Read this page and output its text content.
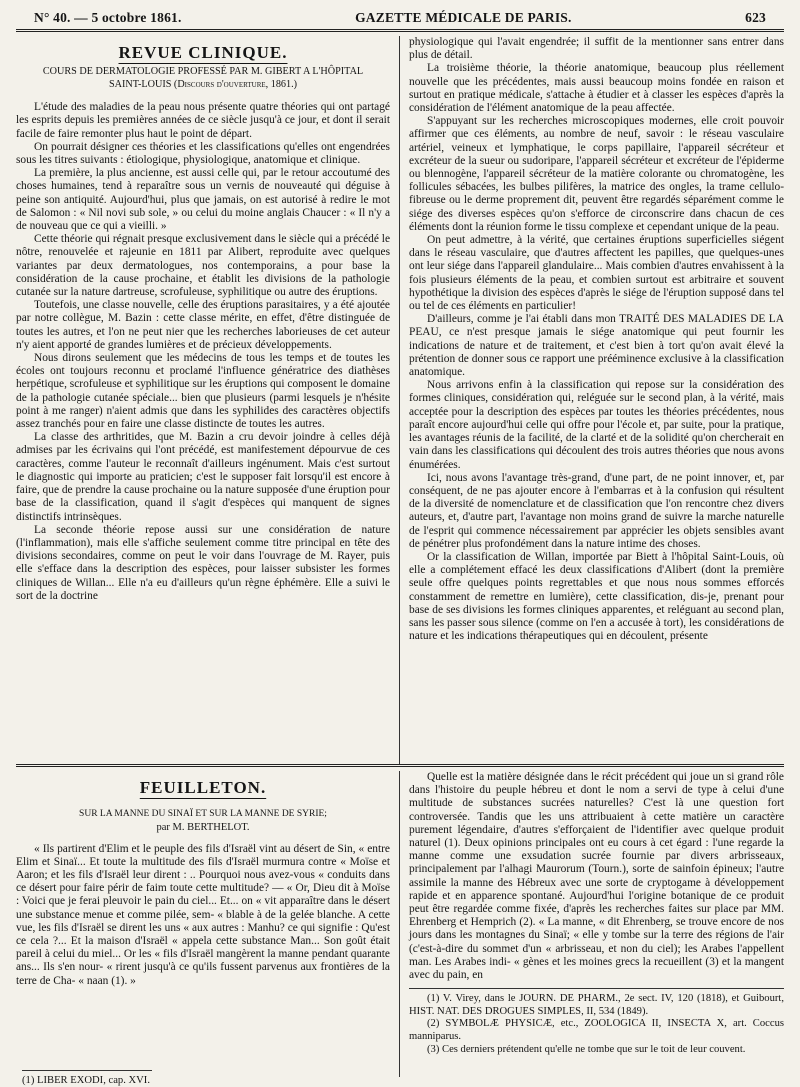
N° 40. — 5 octobre 1861.	GAZETTE MÉDICALE DE PARIS.	623
REVUE CLINIQUE.
COURS DE DERMATOLOGIE PROFESSÉ PAR M. GIBERT A L'HÔPITAL
SAINT-LOUIS (Discours d'ouverture, 1861.)

L'étude des maladies de la peau nous présente quatre théories qui ont partagé les esprits depuis les premières années de ce siècle jusqu'à ce jour, et dont il serait facile de faire remonter plus haut le point de départ.

On pourrait désigner ces théories et les classifications qu'elles ont engendrées sous les titres suivants : étiologique, physiologique, anatomique et clinique.

La première, la plus ancienne, est aussi celle qui, par le retour accoutumé des choses humaines, tend à reparaître sous un vernis de nouveauté qui déguise à peine son antiquité. Aujourd'hui, plus que jamais, on est autorisé à redire le mot de Salomon : « Nil novi sub sole, » ou celui du moine anglais Chaucer : « Il n'y a de nouveau que ce qui a vieilli. »

Cette théorie qui régnait presque exclusivement dans le siècle qui a précédé le nôtre, renouvelée et rajeunie en 1811 par Alibert, reproduite avec quelques variantes par deux dermatologues, nos contemporains, a pour base la considération de la cause prochaine, et établit les divisions de la pathologie cutanée sur la nature dartreuse, scrofuleuse, syphilitique ou autre des éruptions.

Toutefois, une classe nouvelle, celle des éruptions parasitaires, y a été ajoutée par notre collègue, M. Bazin : cette classe mérite, en effet, d'être distinguée de toutes les autres, et l'on ne peut nier que les recherches laborieuses de cet auteur n'y aient apporté de grandes lumières et de précieux développements.

Nous dirons seulement que les médecins de tous les temps et de toutes les écoles ont toujours reconnu et proclamé l'influence génératrice des diathèses herpétique, scrofuleuse et syphilitique sur les éruptions qui composent le domaine de la pathologie cutanée spéciale... bien que plusieurs (parmi lesquels je n'hésite point à me ranger) n'aient admis que dans les syphilides des caractères objectifs assez tranchés pour en faire une classe distincte de toutes les autres.

La classe des arthritides, que M. Bazin a cru devoir joindre à celles déjà admises par les écrivains qui l'ont précédé, est manifestement dépourvue de ces caractères, comme l'auteur le reconnaît d'ailleurs ingénument. Mais c'est surtout le diagnostic qui importe au praticien; c'est le supposer fait lorsqu'il est encore à faire, que de prendre la cause prochaine ou la nature supposée d'une éruption pour base de la classification, quand il s'agit d'espèces qui manquent de signes distinctifs intrinsèques.

La seconde théorie repose aussi sur une considération de nature (l'inflammation), mais elle s'affiche seulement comme titre principal en tête des divisions secondaires, comme on peut le voir dans l'ouvrage de M. Rayer, puis elle s'efface dans la description des espèces, pour laisser subsister les formes cliniques de Willan... Elle n'a eu d'ailleurs qu'un règne éphémère. Elle a suivi le sort de la doctrine

physiologique qui l'avait engendrée; il suffit de la mentionner sans entrer dans plus de détail.

La troisième théorie, la théorie anatomique, beaucoup plus réellement nouvelle que les précédentes, mais aussi beaucoup moins fondée en raison et surtout en pratique médicale, s'attache à étudier et à classer les espèces d'après la considération de l'élément anatomique de la peau affectée.

S'appuyant sur les recherches microscopiques modernes, elle croit pouvoir affirmer que ces éléments, au nombre de neuf, savoir : le réseau vasculaire artériel, veineux et lymphatique, le corps papillaire, l'appareil sécréteur et excréteur de la sueur ou sudoripare, l'appareil sécréteur et excréteur de l'épiderme ou blennogène, l'appareil sécréteur de la matière colorante ou chromatogène, les follicules sébacées, les bulbes pilifères, la matrice des ongles, la trame cellulo-fibreuse ou le derme proprement dit, peuvent être regardés séparément comme le siége des diverses espèces qu'on s'efforce de circonscrire dans chacun de ces éléments dont la réunion forme le tissu complexe et cependant unique de la peau.

On peut admettre, à la vérité, que certaines éruptions superficielles siégent dans le réseau vasculaire, que d'autres affectent les papilles, que quelques-unes ont leur siége dans l'appareil glandulaire... Mais combien d'autres envahissent à la fois plusieurs éléments de la peau, et combien surtout est arbitraire et souvent hypothétique la division des espèces d'après le siége de l'éruption supposé dans tel ou tel de ces éléments en particulier!

D'ailleurs, comme je l'ai établi dans mon TRAITÉ DES MALADIES DE LA PEAU, ce n'est presque jamais le siége anatomique qui peut fournir les indications de nature et de traitement, et c'est bien à tort qu'on avait élevé la prétention de donner sous ce rapport une prééminence exclusive à la classification anatomique.

Nous arrivons enfin à la classification qui repose sur la considération des formes cliniques, considération qui, reléguée sur le second plan, à la vérité, mais acceptée pour la description des espèces par toutes les théories précédentes, nous paraît encore aujourd'hui celle qui offre pour l'école et, par suite, pour la pratique, les avantages réunis de la facilité, de la clarté et de la solidité qu'on chercherait en vain dans les classifications qui découlent des trois autres théories que nous avons énumérées.

Ici, nous avons l'avantage très-grand, d'une part, de ne point innover, et, par conséquent, de ne pas ajouter encore à l'embarras et à la confusion qui résultent de la diversité de nomenclature et de classification que l'on rencontre chez divers auteurs, et, d'autre part, l'avantage non moins grand de suivre la marche naturelle de l'esprit qui commence nécessairement par apprécier les objets sensibles avant de pénétrer plus profondément dans la nature intime des choses.

Or la classification de Willan, importée par Biett à l'hôpital Saint-Louis, où elle a complétement effacé les deux classifications d'Alibert (dont la première seule offre quelques points regrettables et que nous nous sommes efforcés constamment de remettre en lumière), cette classification, dis-je, prenant pour base de ses divisions les formes cliniques apparentes, et reléguant au second plan, sans les passer sous silence (comme on l'en a accusée à tort), les considérations de nature et les indications thérapeutiques qui en découlent, présente

FEUILLETON.
SUR LA MANNE DU SINAÏ ET SUR LA MANNE DE SYRIE;
par M. BERTHELOT.

« Ils partirent d'Elim et le peuple des fils d'Israël vint au désert de Sin, « entre Elim et Sinaï... Et toute la multitude des fils d'Israël murmura contre « Moïse et Aaron; et les fils d'Israël leur dirent : .. Pourquoi nous avez-vous « conduits dans ce désert pour faire périr de faim toute cette multitude? — « Or, Dieu dit à Moïse : Voici que je ferai pleuvoir le pain du ciel... Et... on « vit apparaître dans le désert une substance menue et comme pilée, sem- « blable à de la gelée blanche. A cette vue, les fils d'Israël se dirent les uns « aux autres : Manhu? ce qui signifie : Qu'est ce cela ?... Et la maison d'Israël « appela cette substance Man... Son goût était pareil à celui du miel... Or les « fils d'Israël mangèrent la manne pendant quarante ans... Ils s'en nour- « rirent jusqu'à ce qu'ils fussent parvenus aux frontières de la terre de Cha- « naan (1). »

(1) LIBER EXODI, cap. XVI.

Quelle est la matière désignée dans le récit précédent qui joue un si grand rôle dans l'histoire du peuple hébreu et dont le nom a servi de type à celui d'une multitude de substances sucrées naturelles? C'est là une question fort controversée. Tandis que les uns attribuaient à cette matière un caractère purement légendaire, d'autres s'efforçaient de l'identifier avec quelque produit naturel (1). Deux opinions principales ont eu cours à cet égard : l'une regarde la manne comme une exsudation sucrée fournie par divers arbrisseaux, principalement par l'alhagi Maurorum (Tourn.), sorte de sainfoin épineux; l'autre assimile la manne des Hébreux avec une sorte de cryptogame à développement rapide et en apparence spontané. Aujourd'hui l'origine botanique de ce produit peut être regardée comme fixée, d'après les recherches faites sur place par MM. Ehrenberg et Hemprich (2). « La manne, « dit Ehrenberg, se trouve encore de nos jours dans les montagnes du Sinaï; « elle y tombe sur la terre des régions de l'air (c'est-à-dire du sommet d'un « arbrisseau, et non du ciel); les Arabes l'appellent man. Les Arabes indi- « gènes et les moines grecs la recueillent (3) et la mangent avec du pain, en

(1) V. Virey, dans le JOURN. DE PHARM., 2e sect. IV, 120 (1818), et Guibourt, HIST. NAT. DES DROGUES SIMPLES, II, 534 (1849).

(2) SYMBOLÆ PHYSICÆ, etc., ZOOLOGICA II, INSECTA X, art. Coccus manniparus.

(3) Ces derniers prétendent qu'elle ne tombe que sur le toit de leur couvent.
